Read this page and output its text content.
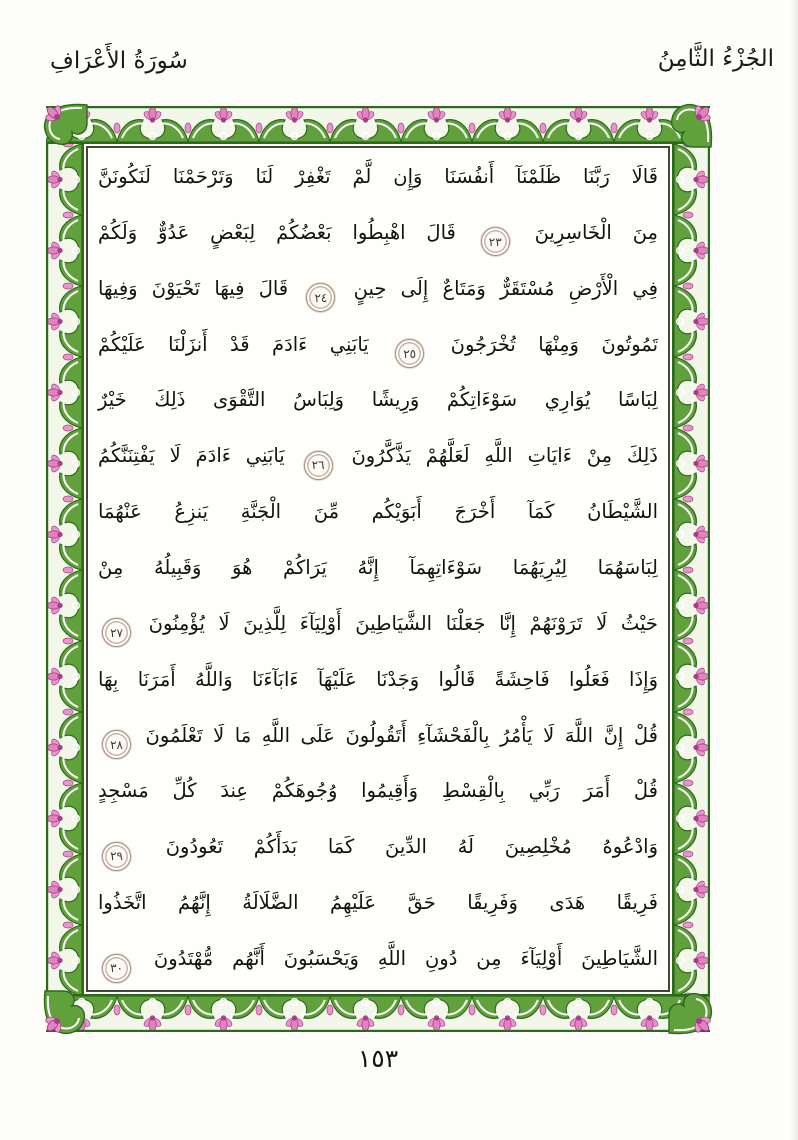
سُورَةُ الأَعْرَافِ	الجُزْءُ الثَّامِنُ
قَالَا رَبَّنَا ظَلَمْنَآ أَنفُسَنَا وَإِن لَّمْ تَغْفِرْ لَنَا وَتَرْحَمْنَا لَنَكُونَنَّ
مِنَ الْخَاسِرِينَ ٢٣ قَالَ اهْبِطُوا بَعْضُكُمْ لِبَعْضٍ عَدُوٌّ وَلَكُمْ
فِي الْأَرْضِ مُسْتَقَرٌّ وَمَتَاعٌ إِلَى حِينٍ ٢٤ قَالَ فِيهَا تَحْيَوْنَ وَفِيهَا
تَمُوتُونَ وَمِنْهَا تُخْرَجُونَ ٢٥ يَابَنِي ءَادَمَ قَدْ أَنزَلْنَا عَلَيْكُمْ
لِبَاسًا يُوَارِي سَوْءَاتِكُمْ وَرِيشًا وَلِبَاسُ التَّقْوَى ذَلِكَ خَيْرٌ
ذَلِكَ مِنْ ءَايَاتِ اللَّهِ لَعَلَّهُمْ يَذَّكَّرُونَ ٢٦ يَابَنِي ءَادَمَ لَا يَفْتِنَنَّكُمُ
الشَّيْطَانُ كَمَآ أَخْرَجَ أَبَوَيْكُم مِّنَ الْجَنَّةِ يَنزِعُ عَنْهُمَا
لِبَاسَهُمَا لِيُرِيَهُمَا سَوْءَاتِهِمَآ إِنَّهُ يَرَاكُمْ هُوَ وَقَبِيلُهُ مِنْ
حَيْثُ لَا تَرَوْنَهُمْ إِنَّا جَعَلْنَا الشَّيَاطِينَ أَوْلِيَآءَ لِلَّذِينَ لَا يُؤْمِنُونَ ٢٧
وَإِذَا فَعَلُوا فَاحِشَةً قَالُوا وَجَدْنَا عَلَيْهَآ ءَابَآءَنَا وَاللَّهُ أَمَرَنَا بِهَا
قُلْ إِنَّ اللَّهَ لَا يَأْمُرُ بِالْفَحْشَآءِ أَتَقُولُونَ عَلَى اللَّهِ مَا لَا تَعْلَمُونَ ٢٨
قُلْ أَمَرَ رَبِّي بِالْقِسْطِ وَأَقِيمُوا وُجُوهَكُمْ عِندَ كُلِّ مَسْجِدٍ
وَادْعُوهُ مُخْلِصِينَ لَهُ الدِّينَ كَمَا بَدَأَكُمْ تَعُودُونَ ٢٩
فَرِيقًا هَدَى وَفَرِيقًا حَقَّ عَلَيْهِمُ الضَّلَالَةُ إِنَّهُمُ اتَّخَذُوا
الشَّيَاطِينَ أَوْلِيَآءَ مِن دُونِ اللَّهِ وَيَحْسَبُونَ أَنَّهُم مُّهْتَدُونَ ٣٠
١٥٣
